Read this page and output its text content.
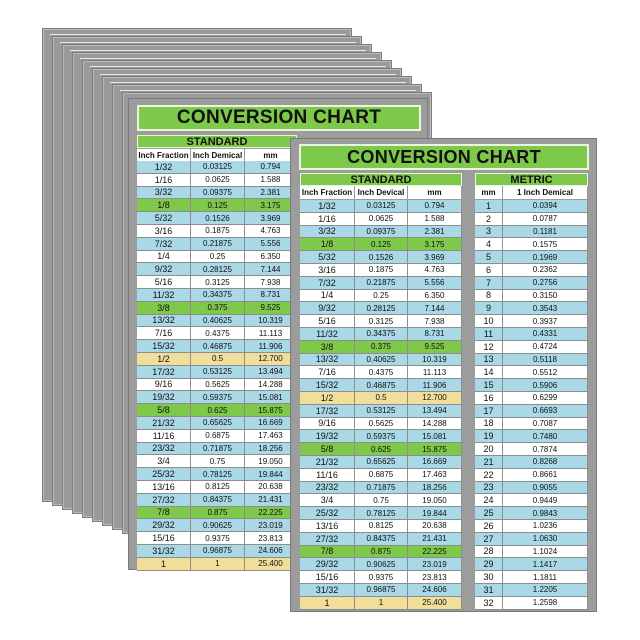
CONVERSION CHART
STANDARD
Inch Fraction Inch Demical	mm
1/32	0.03125	0.794
1/16	0.0625	1.588
3/32	0.09375	2.381
1/8	0.125	3.175
5/32	0.1526	3.969
3/16	0.1875	4.763
7/32	0.21875	5.556
1/4	0.25	6.350
9/32	0.28125	7.144
5/16	0.3125	7.938
11/32	0.34375	8.731
3/8	0.375	9.525
13/32	0.40625	10.319
7/16	0.4375	11.113
15/32	0.46875	11.906
1/2	0.5	12.700
17/32	0.53125	13.494
9/16	0.5625	14.288
19/32	0.59375	15.081
5/8	0.625	15.875
21/32	0.65625	16.669
11/16	0.6875	17.463
23/32	0.71875	18.256
3/4	0.75	19.050
25/32	0.78125	19.844
13/16	0.8125	20.638
27/32	0.84375	21.431
7/8	0.875	22.225
29/32	0.90625	23.019
15/16	0.9375	23.813
31/32	0.96875	24.606
1	1	25.400
CONVERSION CHART
STANDARD	METRIC
Inch Fraction Inch Devical	mm	mm	1 Inch Demical
1/32	0.03125	0.794
1/16	0.0625	1.588
3/32	0.09375	2.381
1/8	0.125	3.175
5/32	0.1526	3.969
3/16	0.1875	4.763
7/32	0.21875	5.556
1/4	0.25	6.350
9/32	0.28125	7.144
5/16	0.3125	7.938
11/32	0.34375	8.731
3/8	0.375	9.525
13/32	0.40625	10.319
7/16	0.4375	11.113
15/32	0.46875	11.906
1/2	0.5	12.700
17/32	0.53125	13.494
9/16	0.5625	14.288
19/32	0.59375	15.081
5/8	0.625	15.875
21/32	0.65625	16.669
11/16	0.6875	17.463
23/32	0.71875	18.256
3/4	0.75	19.050
25/32	0.78125	19.844
13/16	0.8125	20.638
27/32	0.84375	21.431
7/8	0.875	22.225
29/32	0.90625	23.019
15/16	0.9375	23.813
31/32	0.96875	24.606
1	1	25.400
1	0.0394
2	0.0787
3	0.1181
4	0.1575
5	0.1969
6	0.2362
7	0.2756
8	0.3150
9	0.3543
10	0.3937
11	0.4331
12	0.4724
13	0.5118
14	0.5512
15	0.5906
16	0.6299
17	0.6693
18	0.7087
19	0.7480
20	0.7874
21	0.8268
22	0.8661
23	0.9055
24	0.9449
25	0.9843
26	1.0236
27	1.0630
28	1.1024
29	1.1417
30	1.1811
31	1.2205
32	1.2598
